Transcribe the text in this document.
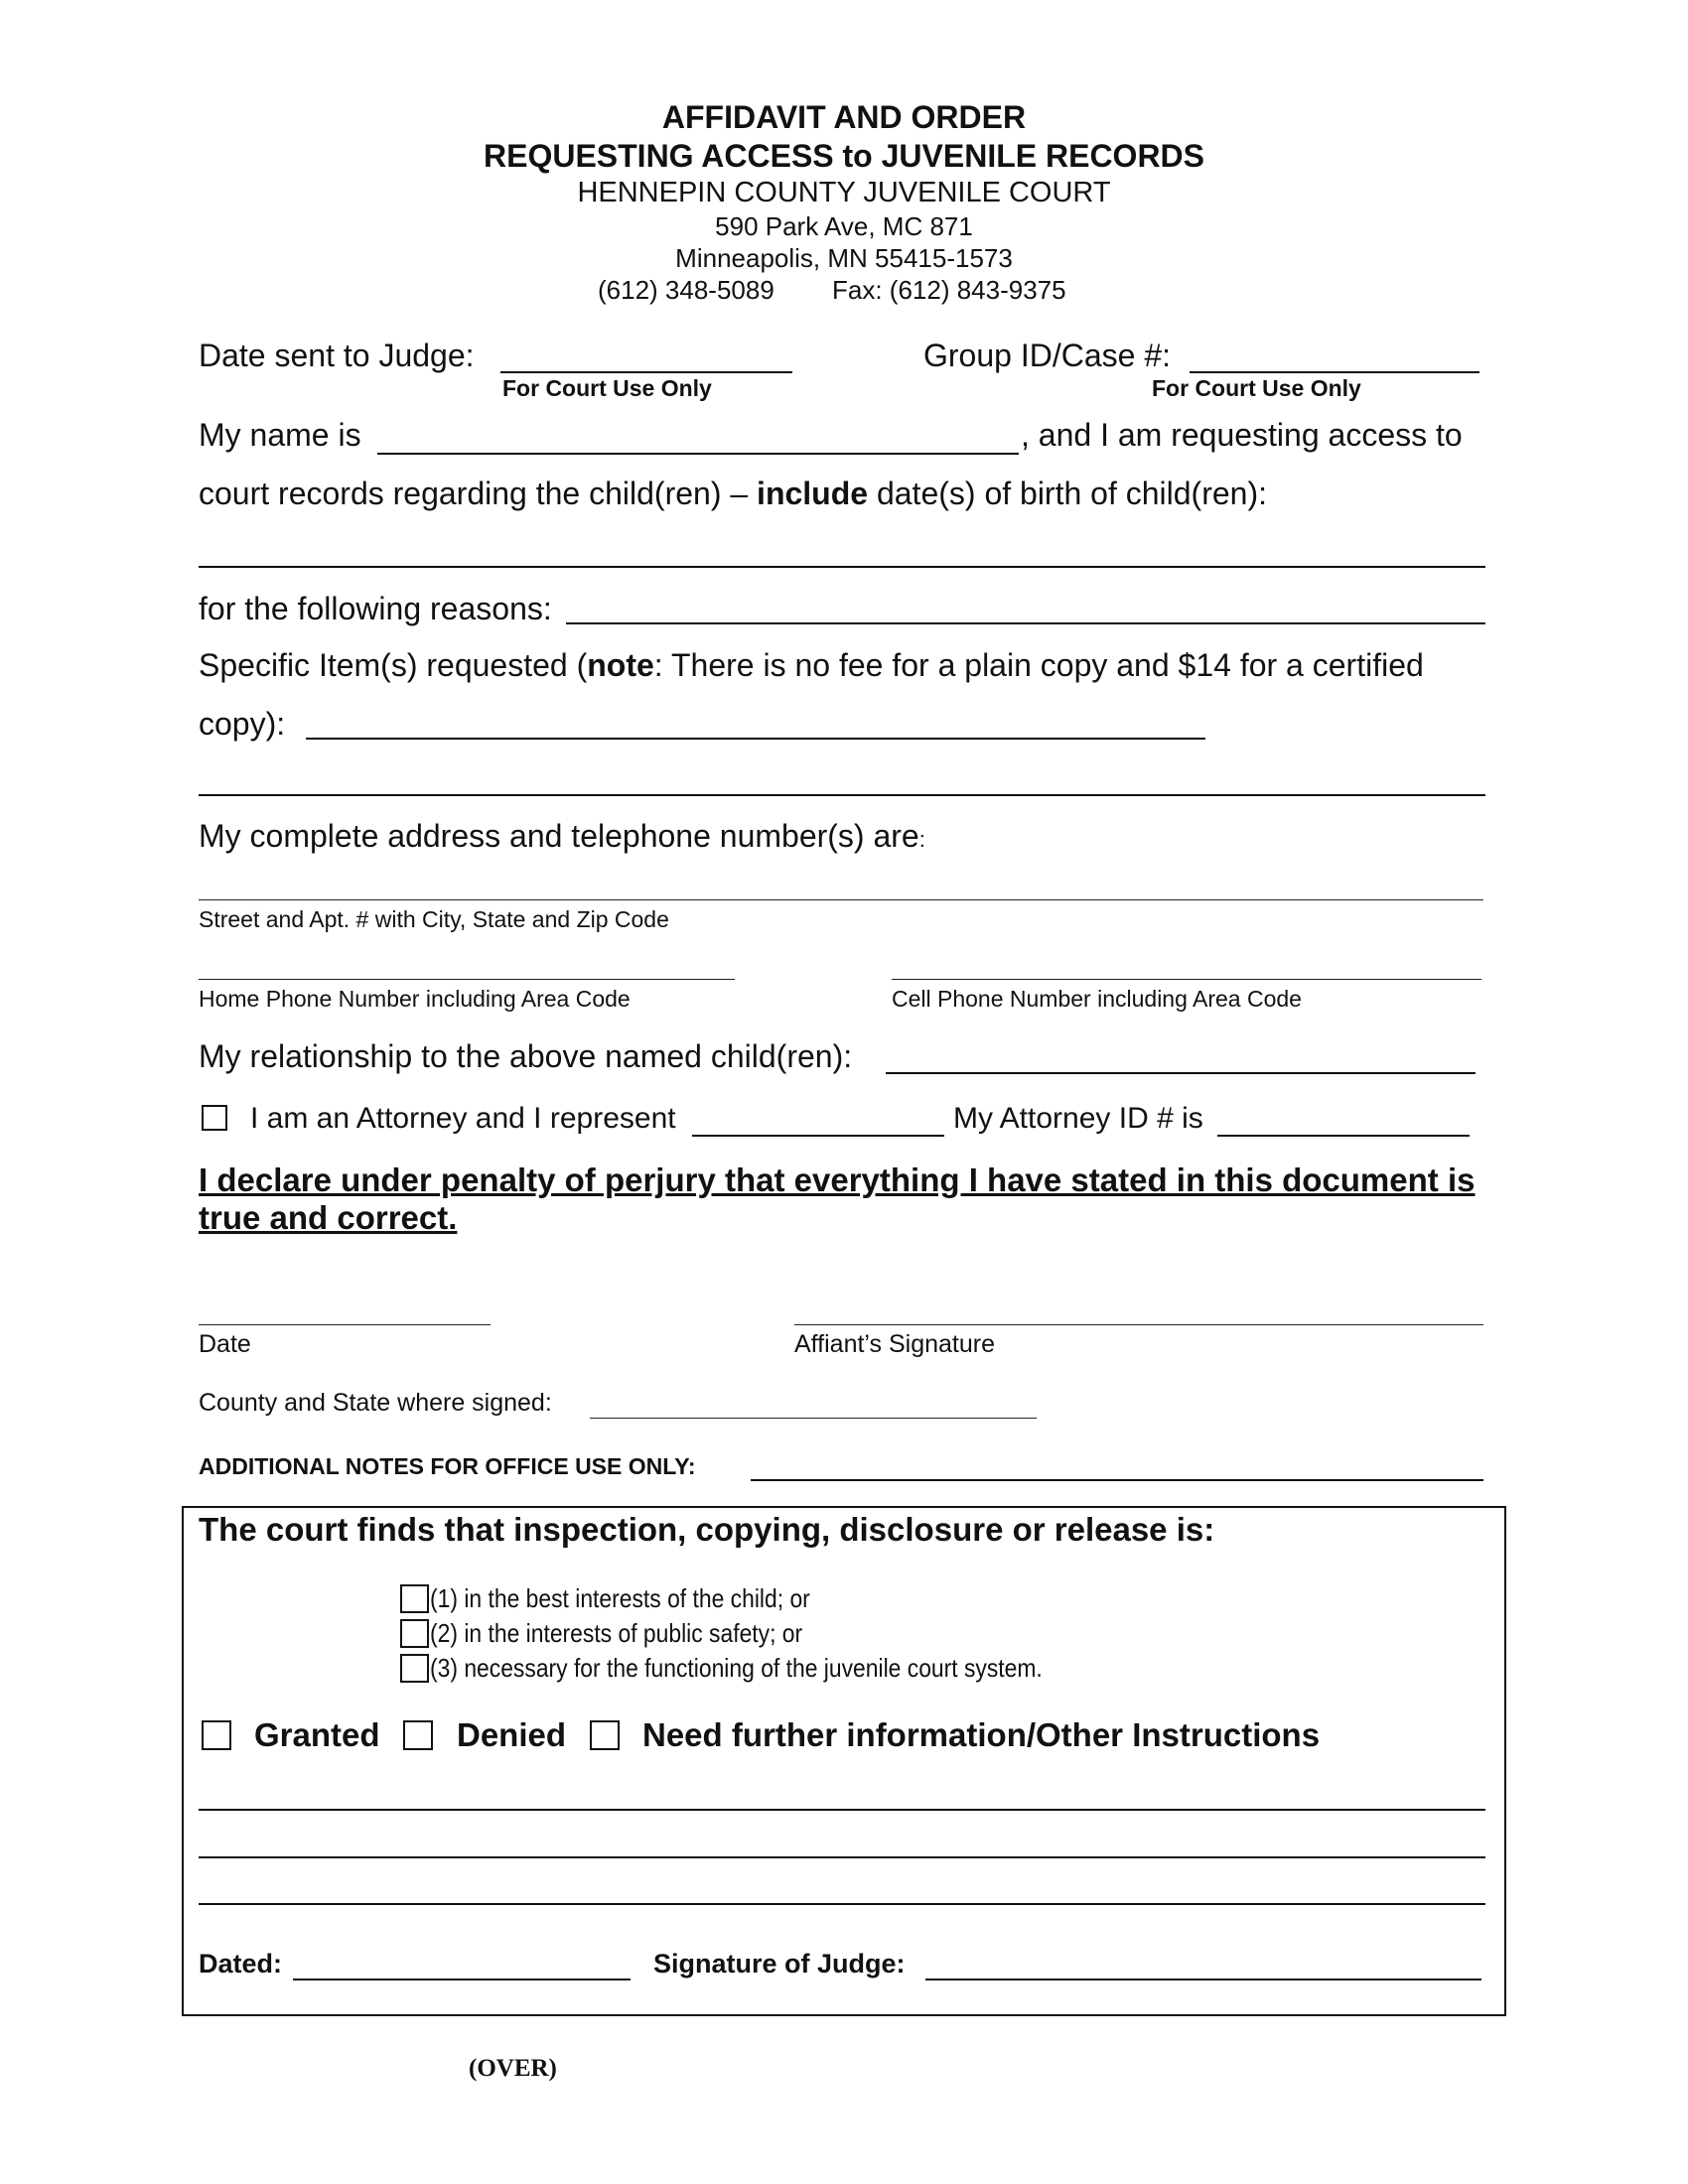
AFFIDAVIT AND ORDER
REQUESTING ACCESS to JUVENILE RECORDS
HENNEPIN COUNTY JUVENILE COURT
590 Park Ave, MC 871
Minneapolis, MN 55415-1573
(612) 348-5089 Fax: (612) 843-9375
Date sent to Judge:
For Court Use Only
Group ID/Case #:
For Court Use Only
My name is	, and I am requesting access to
court records regarding the child(ren) – include date(s) of birth of child(ren):
for the following reasons:
Specific Item(s) requested (note: There is no fee for a plain copy and $14 for a certified
copy):
My complete address and telephone number(s) are:
Street and Apt. # with City, State and Zip Code
Home Phone Number including Area Code	Cell Phone Number including Area Code
My relationship to the above named child(ren):
I am an Attorney and I represent	My Attorney ID # is
I declare under penalty of perjury that everything I have stated in this document is
true and correct.
Date	Affiant’s Signature
County and State where signed:
ADDITIONAL NOTES FOR OFFICE USE ONLY:
The court finds that inspection, copying, disclosure or release is:
(1) in the best interests of the child; or
(2) in the interests of public safety; or
(3) necessary for the functioning of the juvenile court system.
Granted Denied Need further information/Other Instructions
Dated:	Signature of Judge:
(OVER)
